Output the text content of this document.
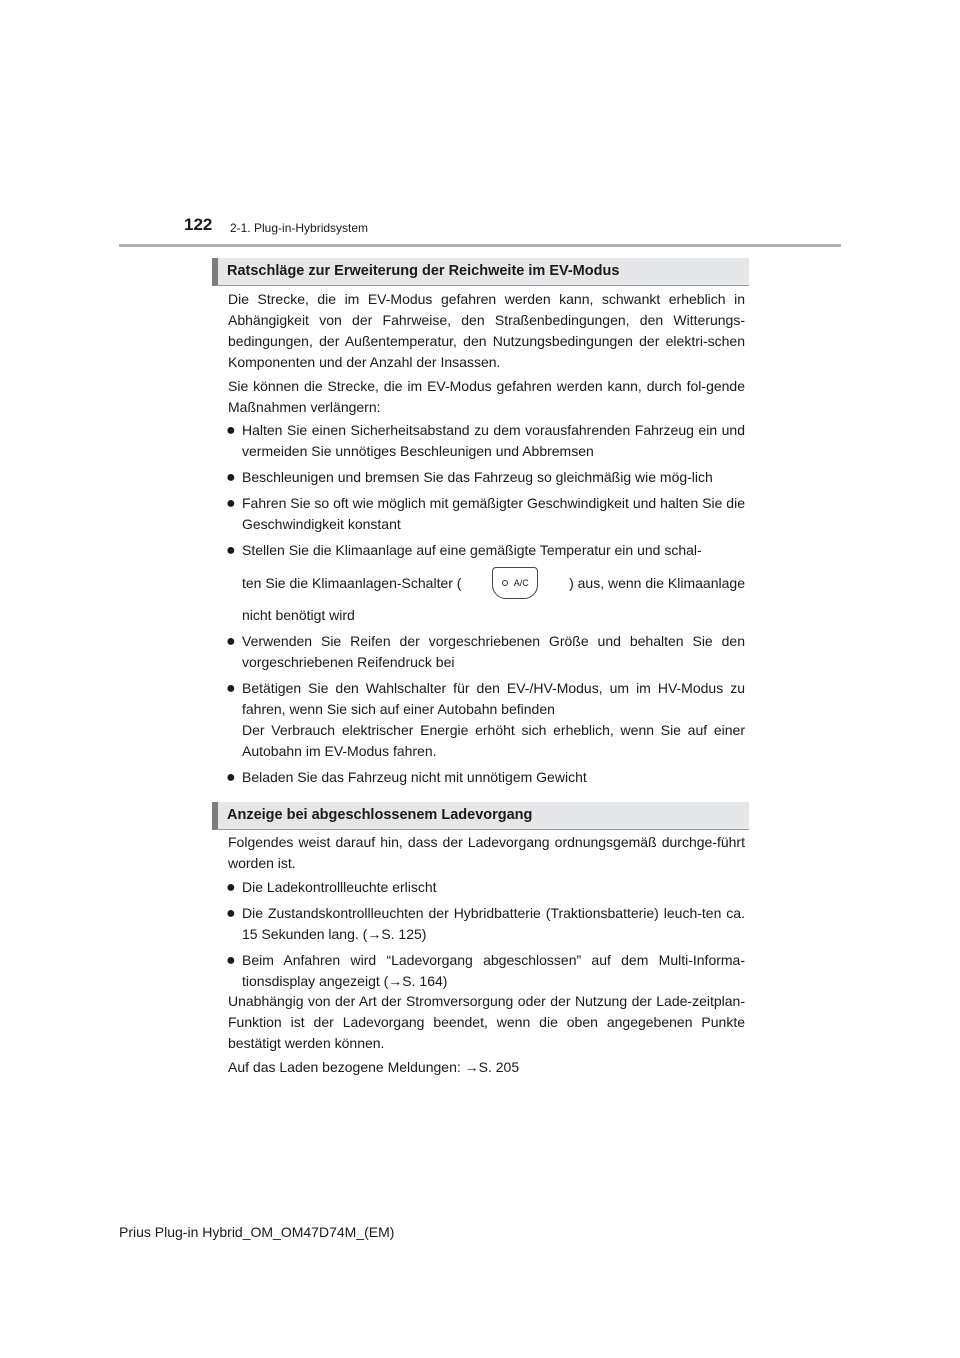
122 2-1. Plug-in-Hybridsystem
Ratschläge zur Erweiterung der Reichweite im EV-Modus
Die Strecke, die im EV-Modus gefahren werden kann, schwankt erheblich in Abhängigkeit von der Fahrweise, den Straßenbedingungen, den Witterungs-bedingungen, der Außentemperatur, den Nutzungsbedingungen der elektri-schen Komponenten und der Anzahl der Insassen.
Sie können die Strecke, die im EV-Modus gefahren werden kann, durch fol-gende Maßnahmen verlängern:
● Halten Sie einen Sicherheitsabstand zu dem vorausfahrenden Fahrzeug ein und vermeiden Sie unnötiges Beschleunigen und Abbremsen
● Beschleunigen und bremsen Sie das Fahrzeug so gleichmäßig wie mög-lich
● Fahren Sie so oft wie möglich mit gemäßigter Geschwindigkeit und halten Sie die Geschwindigkeit konstant
● Stellen Sie die Klimaanlage auf eine gemäßigte Temperatur ein und schal-
ten Sie die Klimaanlagen-Schalter (	A/C	) aus, wenn die Klimaanlage
nicht benötigt wird
● Verwenden Sie Reifen der vorgeschriebenen Größe und behalten Sie den vorgeschriebenen Reifendruck bei
● Betätigen Sie den Wahlschalter für den EV-/HV-Modus, um im HV-Modus zu fahren, wenn Sie sich auf einer Autobahn befinden
Der Verbrauch elektrischer Energie erhöht sich erheblich, wenn Sie auf einer Autobahn im EV-Modus fahren.
● Beladen Sie das Fahrzeug nicht mit unnötigem Gewicht
Anzeige bei abgeschlossenem Ladevorgang
Folgendes weist darauf hin, dass der Ladevorgang ordnungsgemäß durchge-führt worden ist.
● Die Ladekontrollleuchte erlischt
● Die Zustandskontrollleuchten der Hybridbatterie (Traktionsbatterie) leuch-ten ca. 15 Sekunden lang. (→S. 125)
● Beim Anfahren wird “Ladevorgang abgeschlossen” auf dem Multi-Informa-tionsdisplay angezeigt (→S. 164)
Unabhängig von der Art der Stromversorgung oder der Nutzung der Lade-zeitplan-Funktion ist der Ladevorgang beendet, wenn die oben angegebenen Punkte bestätigt werden können.
Auf das Laden bezogene Meldungen: →S. 205
Prius Plug-in Hybrid_OM_OM47D74M_(EM)
